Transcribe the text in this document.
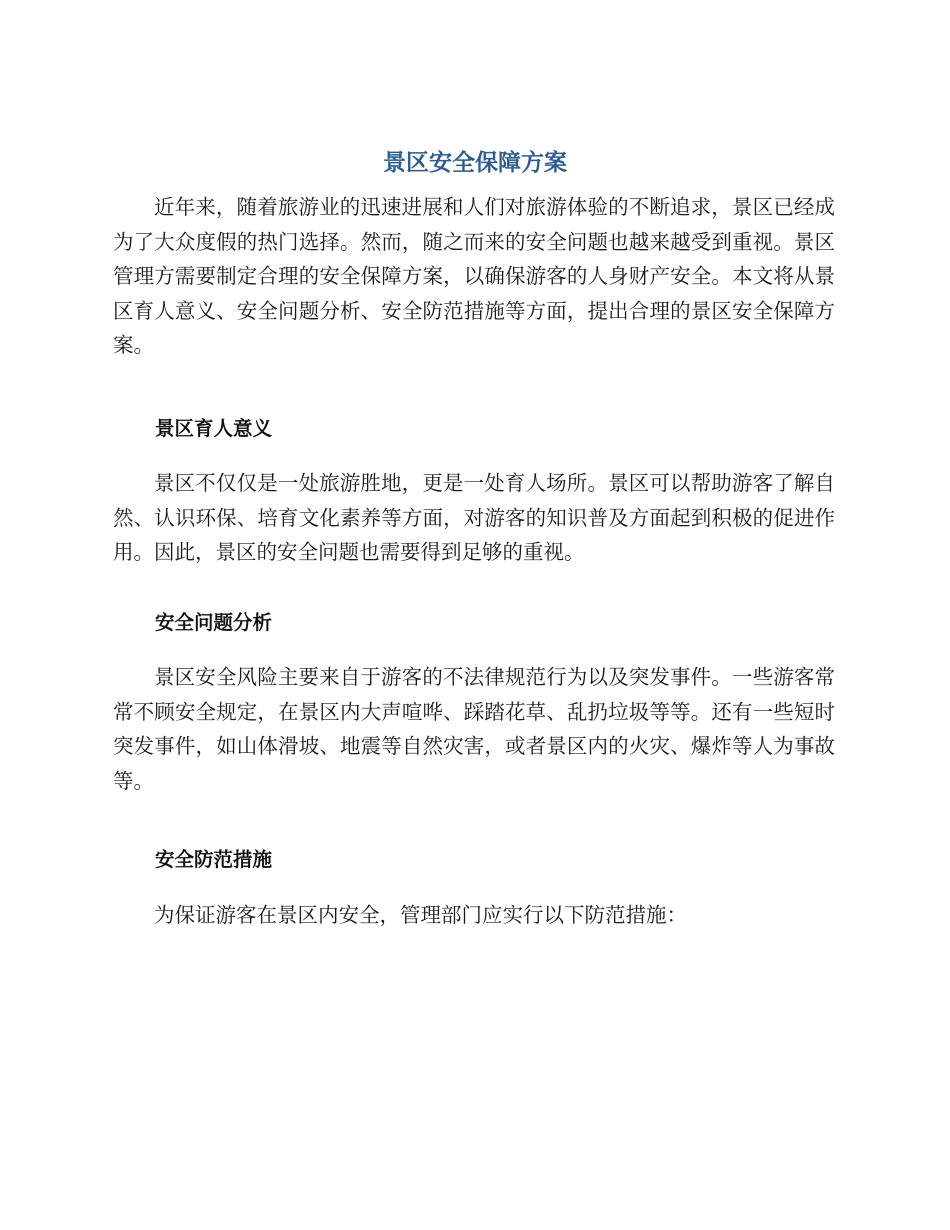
景区安全保障方案

近年来，随着旅游业的迅速进展和人们对旅游体验的不断追求，景区已经成为了大众度假的热门选择。然而，随之而来的安全问题也越来越受到重视。景区管理方需要制定合理的安全保障方案，以确保游客的人身财产安全。本文将从景区育人意义、安全问题分析、安全防范措施等方面，提出合理的景区安全保障方案。

景区育人意义

景区不仅仅是一处旅游胜地，更是一处育人场所。景区可以帮助游客了解自然、认识环保、培育文化素养等方面，对游客的知识普及方面起到积极的促进作用。因此，景区的安全问题也需要得到足够的重视。

安全问题分析

景区安全风险主要来自于游客的不法律规范行为以及突发事件。一些游客常常不顾安全规定，在景区内大声喧哗、踩踏花草、乱扔垃圾等等。还有一些短时突发事件，如山体滑坡、地震等自然灾害，或者景区内的火灾、爆炸等人为事故等。

安全防范措施

为保证游客在景区内安全，管理部门应实行以下防范措施：
